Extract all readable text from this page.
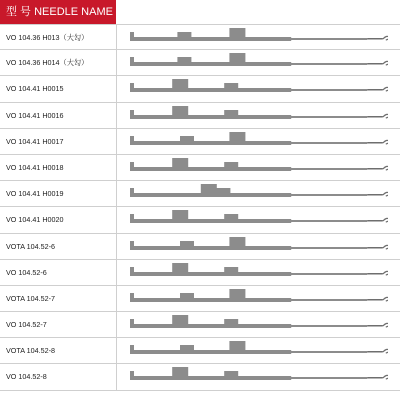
型 号 NEEDLE NAME
VO 104.36 H013（大勾）
VO 104.36 H014（大勾）
VO 104.41 H0015
VO 104.41 H0016
VO 104.41 H0017
VO 104.41 H0018
VO 104.41 H0019
VO 104.41 H0020
VOTA 104.52-6
VO 104.52-6
VOTA 104.52-7
VO 104.52-7
VOTA 104.52-8
VO 104.52-8
